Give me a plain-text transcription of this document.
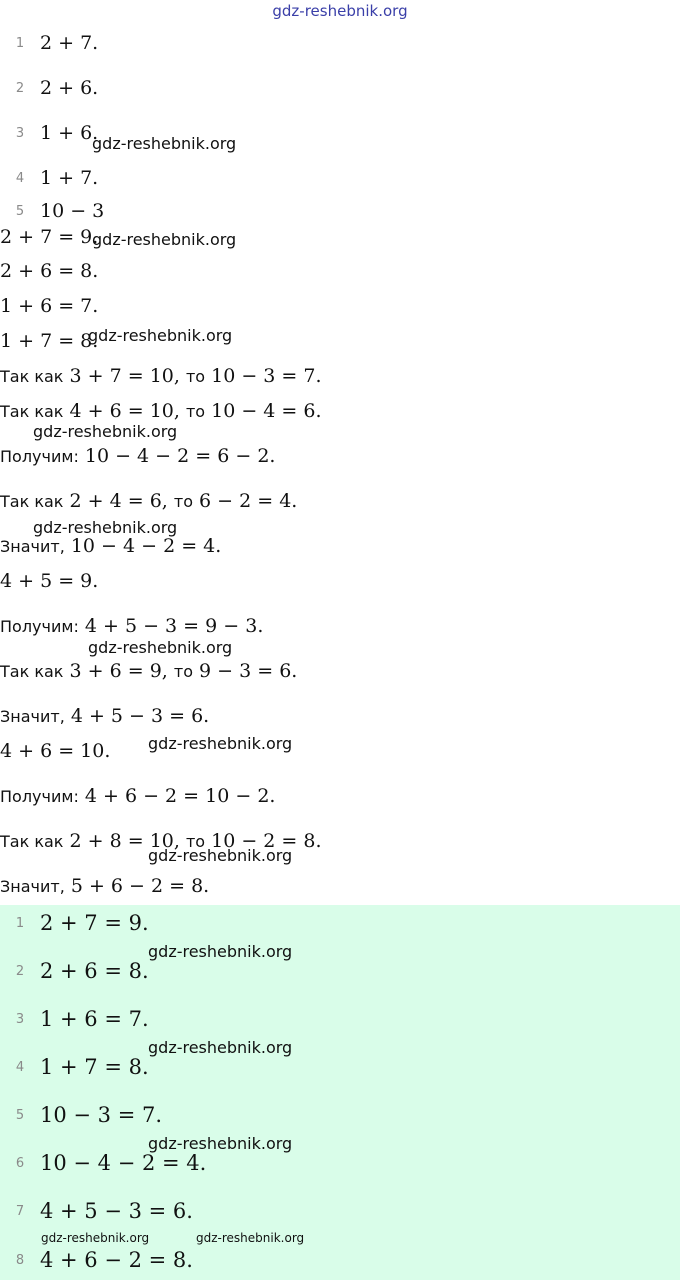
gdz-reshebnik.org
1 2 + 7.
2 2 + 6.
3 1 + 6.
4 1 + 7.
5 10 − 3
2 + 7 = 9.
2 + 6 = 8.
1 + 6 = 7.
1 + 7 = 8.
Так как 3 + 7 = 10, то 10 − 3 = 7.
Так как 4 + 6 = 10, то 10 − 4 = 6.
Получим: 10 − 4 − 2 = 6 − 2.
Так как 2 + 4 = 6, то 6 − 2 = 4.
Значит, 10 − 4 − 2 = 4.
4 + 5 = 9.
Получим: 4 + 5 − 3 = 9 − 3.
Так как 3 + 6 = 9, то 9 − 3 = 6.
Значит, 4 + 5 − 3 = 6.
4 + 6 = 10.
Получим: 4 + 6 − 2 = 10 − 2.
Так как 2 + 8 = 10, то 10 − 2 = 8.
Значит, 5 + 6 − 2 = 8.
1 2 + 7 = 9.
2 2 + 6 = 8.
3 1 + 6 = 7.
4 1 + 7 = 8.
5 10 − 3 = 7.
6 10 − 4 − 2 = 4.
7 4 + 5 − 3 = 6.
8 4 + 6 − 2 = 8.
gdz-reshebnik.org
gdz-reshebnik.org
gdz-reshebnik.org
gdz-reshebnik.org
gdz-reshebnik.org
gdz-reshebnik.org
gdz-reshebnik.org
gdz-reshebnik.org
gdz-reshebnik.org
gdz-reshebnik.org
gdz-reshebnik.org
gdz-reshebnik.org	gdz-reshebnik.org
